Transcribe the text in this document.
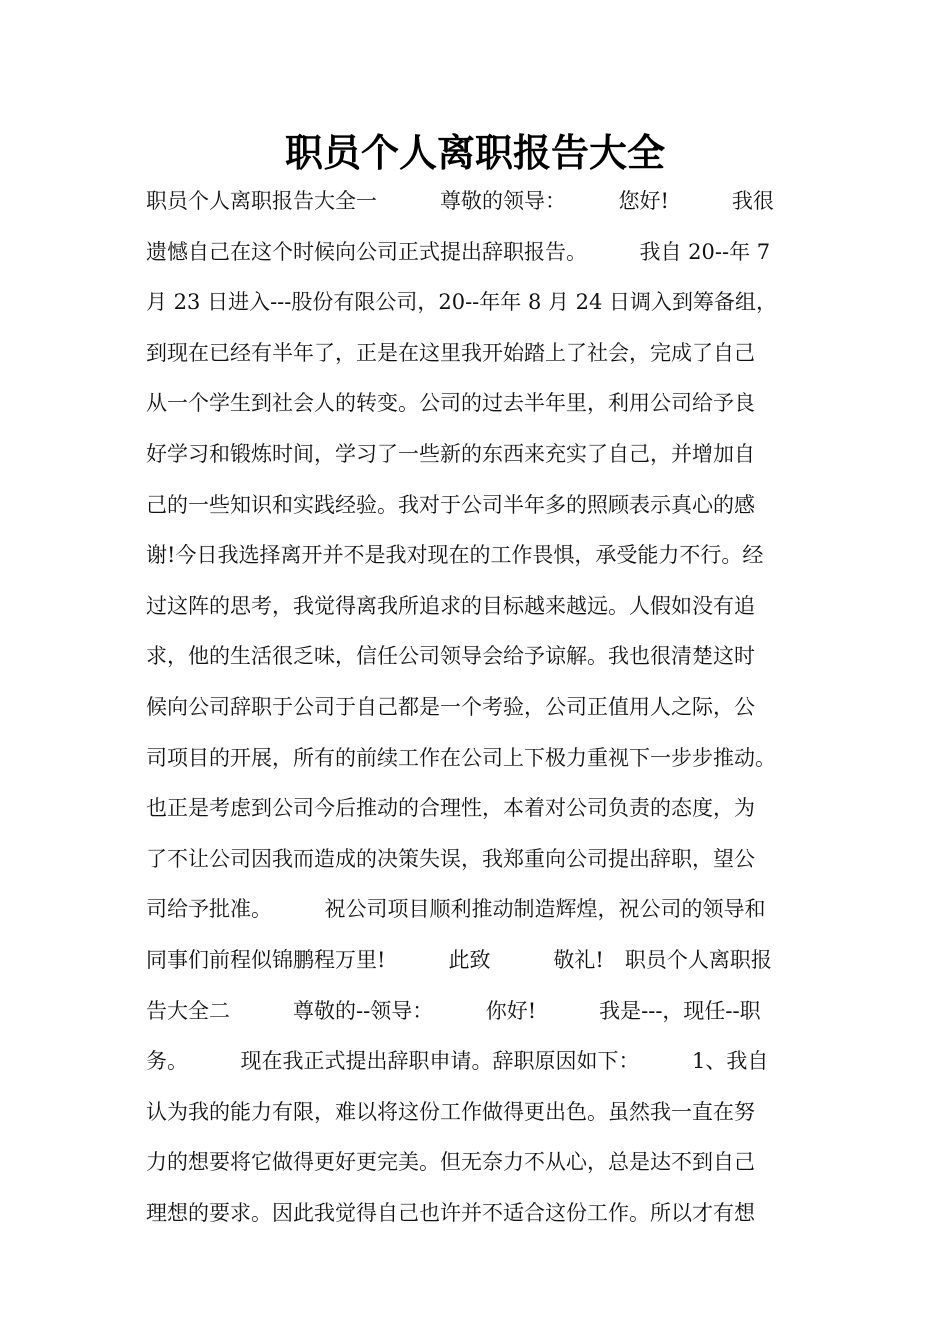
职员个人离职报告大全
职员个人离职报告大全一　　　尊敬的领导：　　　您好!　　　我很
遗憾自己在这个时候向公司正式提出辞职报告。　　　我自 20--年 7
月 23 日进入---股份有限公司，20--年年 8 月 24 日调入到筹备组，
到现在已经有半年了，正是在这里我开始踏上了社会，完成了自己
从一个学生到社会人的转变。公司的过去半年里，利用公司给予良
好学习和锻炼时间，学习了一些新的东西来充实了自己，并增加自
己的一些知识和实践经验。我对于公司半年多的照顾表示真心的感
谢!今日我选择离开并不是我对现在的工作畏惧，承受能力不行。经
过这阵的思考，我觉得离我所追求的目标越来越远。人假如没有追
求，他的生活很乏味，信任公司领导会给予谅解。我也很清楚这时
候向公司辞职于公司于自己都是一个考验，公司正值用人之际，公
司项目的开展，所有的前续工作在公司上下极力重视下一步步推动。
也正是考虑到公司今后推动的合理性，本着对公司负责的态度，为
了不让公司因我而造成的决策失误，我郑重向公司提出辞职，望公
司给予批准。　　　祝公司项目顺利推动制造辉煌，祝公司的领导和
同事们前程似锦鹏程万里!　　　此致　　　敬礼!　职员个人离职报
告大全二　　　尊敬的--领导：　　　你好!　　　我是---，现任--职
务。　　　现在我正式提出辞职申请。辞职原因如下：　　　1、我自
认为我的能力有限，难以将这份工作做得更出色。虽然我一直在努
力的想要将它做得更好更完美。但无奈力不从心，总是达不到自己
理想的要求。因此我觉得自己也许并不适合这份工作。所以才有想
